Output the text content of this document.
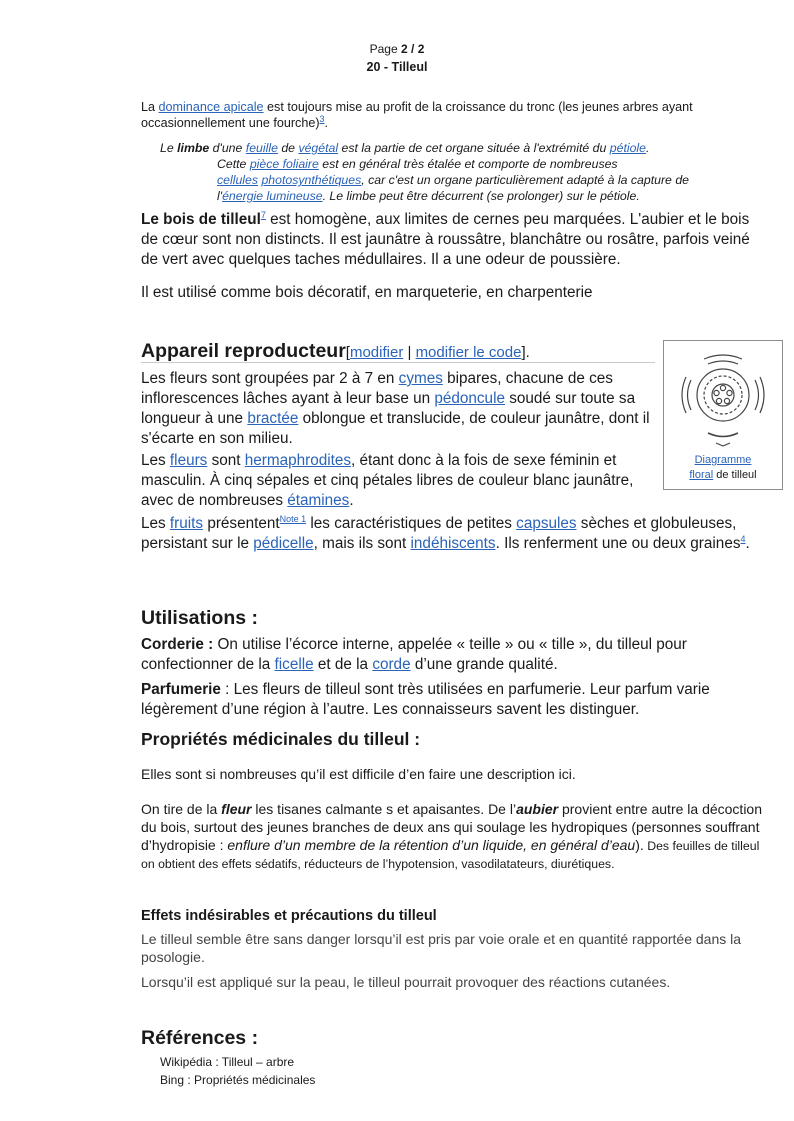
Page 2 / 2
20 - Tilleul

La dominance apicale est toujours mise au profit de la croissance du tronc (les jeunes arbres ayant occasionnellement une fourche)$^3$.

Le limbe d'une feuille de végétal est la partie de cet organe située à l'extrémité du pétiole.

Cette pièce foliaire est en général très étalée et comporte de nombreuses

cellules photosynthétiques, car c'est un organe particulièrement adapté à la capture de

l'énergie lumineuse. Le limbe peut être décurrent (se prolonger) sur le pétiole.

Le bois de tilleul$^7$ est homogène, aux limites de cernes peu marquées. L'aubier et le bois de cœur sont non distincts. Il est jaunâtre à roussâtre, blanchâtre ou rosâtre, parfois veiné de vert avec quelques taches médullaires. Il a une odeur de poussière.

Il est utilisé comme bois décoratif, en marqueterie, en charpenterie

Appareil reproducteur[modifier | modifier le code].

Les fleurs sont groupées par 2 à 7 en cymes bipares, chacune de ces inflorescences lâches ayant à leur base un pédoncule soudé sur toute sa longueur à une bractée oblongue et translucide, de couleur jaunâtre, dont il s'écarte en son milieu.

Les fleurs sont hermaphrodites, étant donc à la fois de sexe féminin et masculin. À cinq sépales et cinq pétales libres de couleur blanc jaunâtre, avec de nombreuses étamines.

Les fruits présentent$^{Note 1}$ les caractéristiques de petites capsules sèches et globuleuses, persistant sur le pédicelle, mais ils sont indéhiscents. Ils renferment une ou deux graines$^4$.

Diagramme
floral de tilleul
Utilisations :

Corderie : On utilise l’écorce interne, appelée « teille » ou « tille », du tilleul pour confectionner de la ficelle et de la corde d’une grande qualité.

Parfumerie : Les fleurs de tilleul sont très utilisées en parfumerie. Leur parfum varie légèrement d’une région à l’autre. Les connaisseurs savent les distinguer.

Propriétés médicinales du tilleul :

Elles sont si nombreuses qu’il est difficile d’en faire une description ici.

On tire de la fleur les tisanes calmante s et apaisantes. De l’aubier provient entre autre la décoction du bois, surtout des jeunes branches de deux ans qui soulage les hydropiques (personnes souffrant d’hydropisie : enflure d’un membre de la rétention d’un liquide, en général d’eau). Des feuilles de tilleul on obtient des effets sédatifs, réducteurs de l’hypotension, vasodilatateurs, diurétiques.

Effets indésirables et précautions du tilleul

Le tilleul semble être sans danger lorsqu’il est pris par voie orale et en quantité rapportée dans la posologie.

Lorsqu’il est appliqué sur la peau, le tilleul pourrait provoquer des réactions cutanées.

Références :

Wikipédia : Tilleul – arbre

Bing : Propriétés médicinales
